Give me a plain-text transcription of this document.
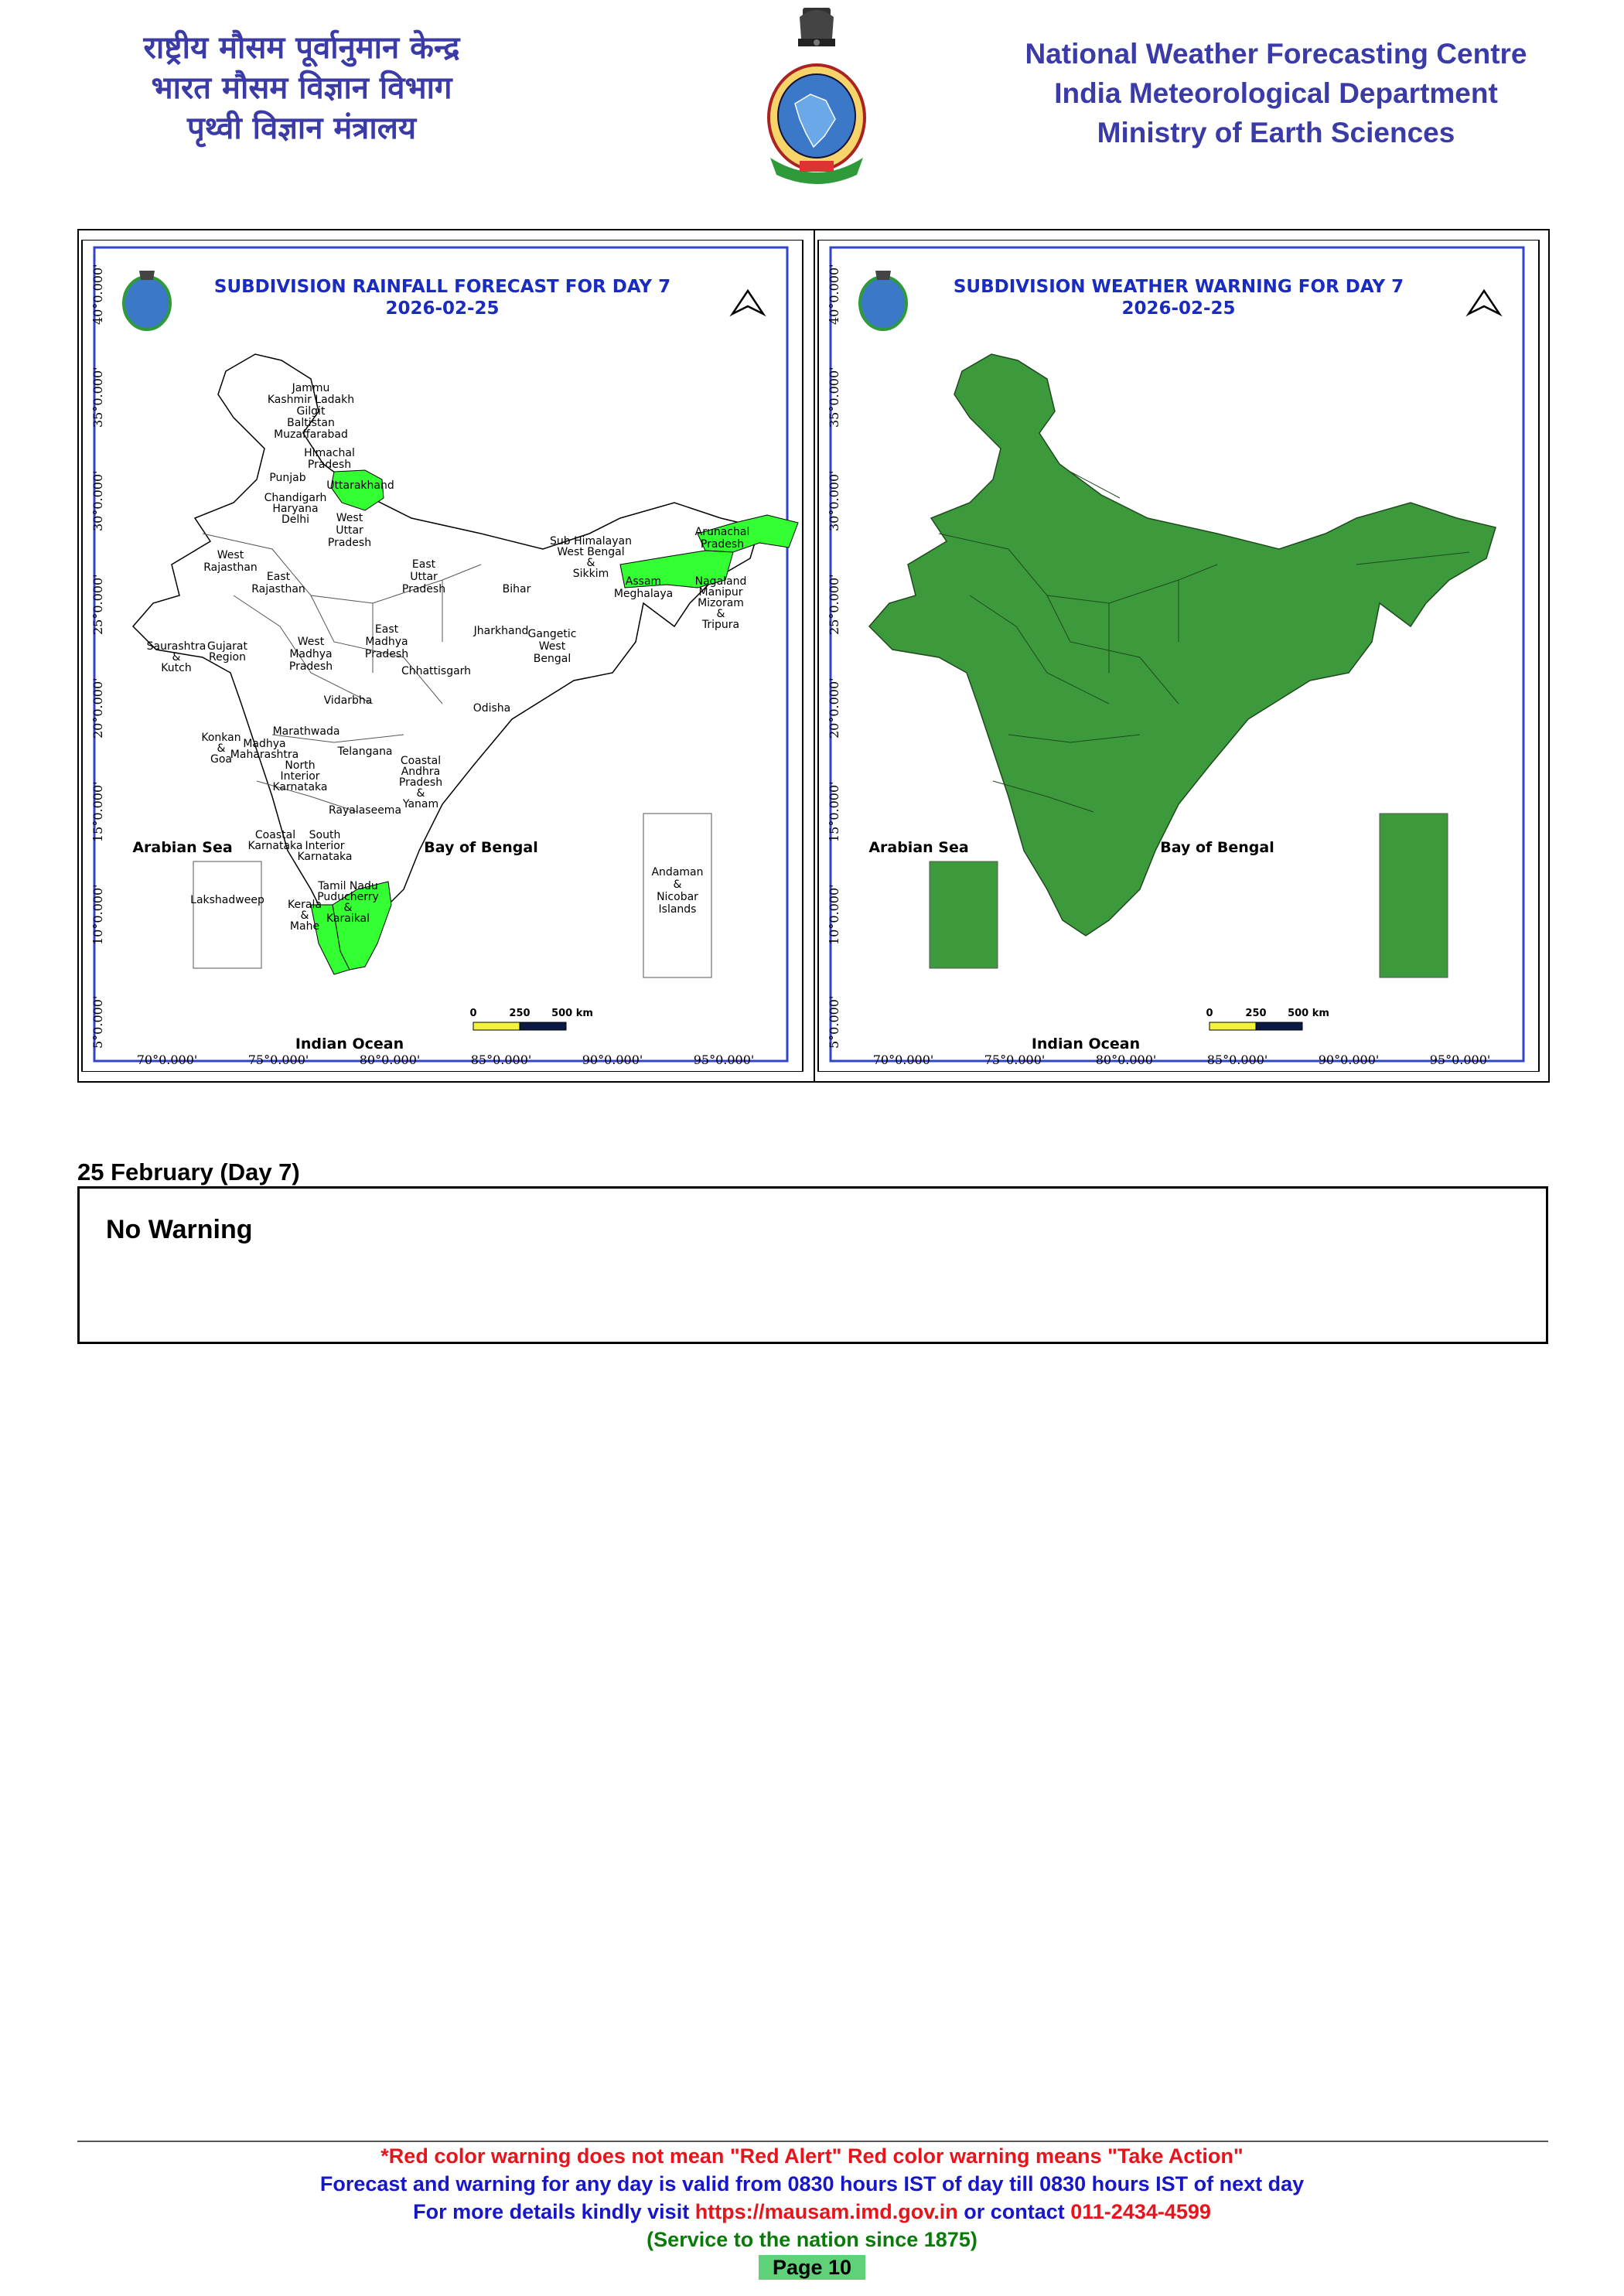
राष्ट्रीय मौसम पूर्वानुमान केन्द्र
भारत मौसम विज्ञान विभाग
पृथ्वी विज्ञान मंत्रालय
National Weather Forecasting Centre
India Meteorological Department
Ministry of Earth Sciences
SUBDIVISION RAINFALL FORECAST FOR DAY 7
2026-02-25
40°0.000'
35°0.000'
30°0.000'
25°0.000'
20°0.000'
15°0.000'
10°0.000'
5°0.000'
70°0.000'	75°0.000'	80°0.000'	85°0.000'	90°0.000'	95°0.000'
Lakshadweep
Andaman
&
Nicobar
Islands
Jammu
Kashmir Ladakh
Gilgit
Baltistan
Muzaffarabad
Himachal
Pradesh
Punjab
Uttarakhand
Chandigarh
Haryana
Delhi West
Uttar
Pradesh
West
Rajasthan
East
Rajasthan
East
Uttar
Pradesh	Bihar
Sub Himalayan
West Bengal
&
Sikkim
Arunachal
Pradesh
Assam
Meghalaya
Nagaland
Manipur
Mizoram
&
Tripura
Saurashtra
&
Kutch
Gujarat
Region
West
Madhya
Pradesh
East
Madhya
Pradesh
Jharkhand Gangetic
West
Bengal
Chhattisgarh
Vidarbha
Odisha
Konkan
&
Goa
Madhya
Maharashtra
Marathwada
Telangana
North
Interior
Karnataka
Coastal
Andhra
Pradesh
&
Yanam
Rayalaseema
Coastal
Karnataka
South
Interior
Karnataka
Tamil Nadu
Puducherry
&
Karaikal
Kerala
&
Mahe
Arabian Sea	Bay of Bengal
Indian Ocean
0	250 500 km
SUBDIVISION WEATHER WARNING FOR DAY 7
2026-02-25
40°0.000'
35°0.000'
30°0.000'
25°0.000'
20°0.000'
15°0.000'
10°0.000'
5°0.000'
70°0.000'	75°0.000'	80°0.000'	85°0.000'	90°0.000'	95°0.000'
Arabian Sea	Bay of Bengal
Indian Ocean
0	250 500 km
25 February (Day 7)
No Warning
*Red color warning does not mean "Red Alert" Red color warning means "Take Action"
Forecast and warning for any day is valid from 0830 hours IST of day till 0830 hours IST of next day
For more details kindly visit https://mausam.imd.gov.in or contact 011-2434-4599
(Service to the nation since 1875)
Page 10
